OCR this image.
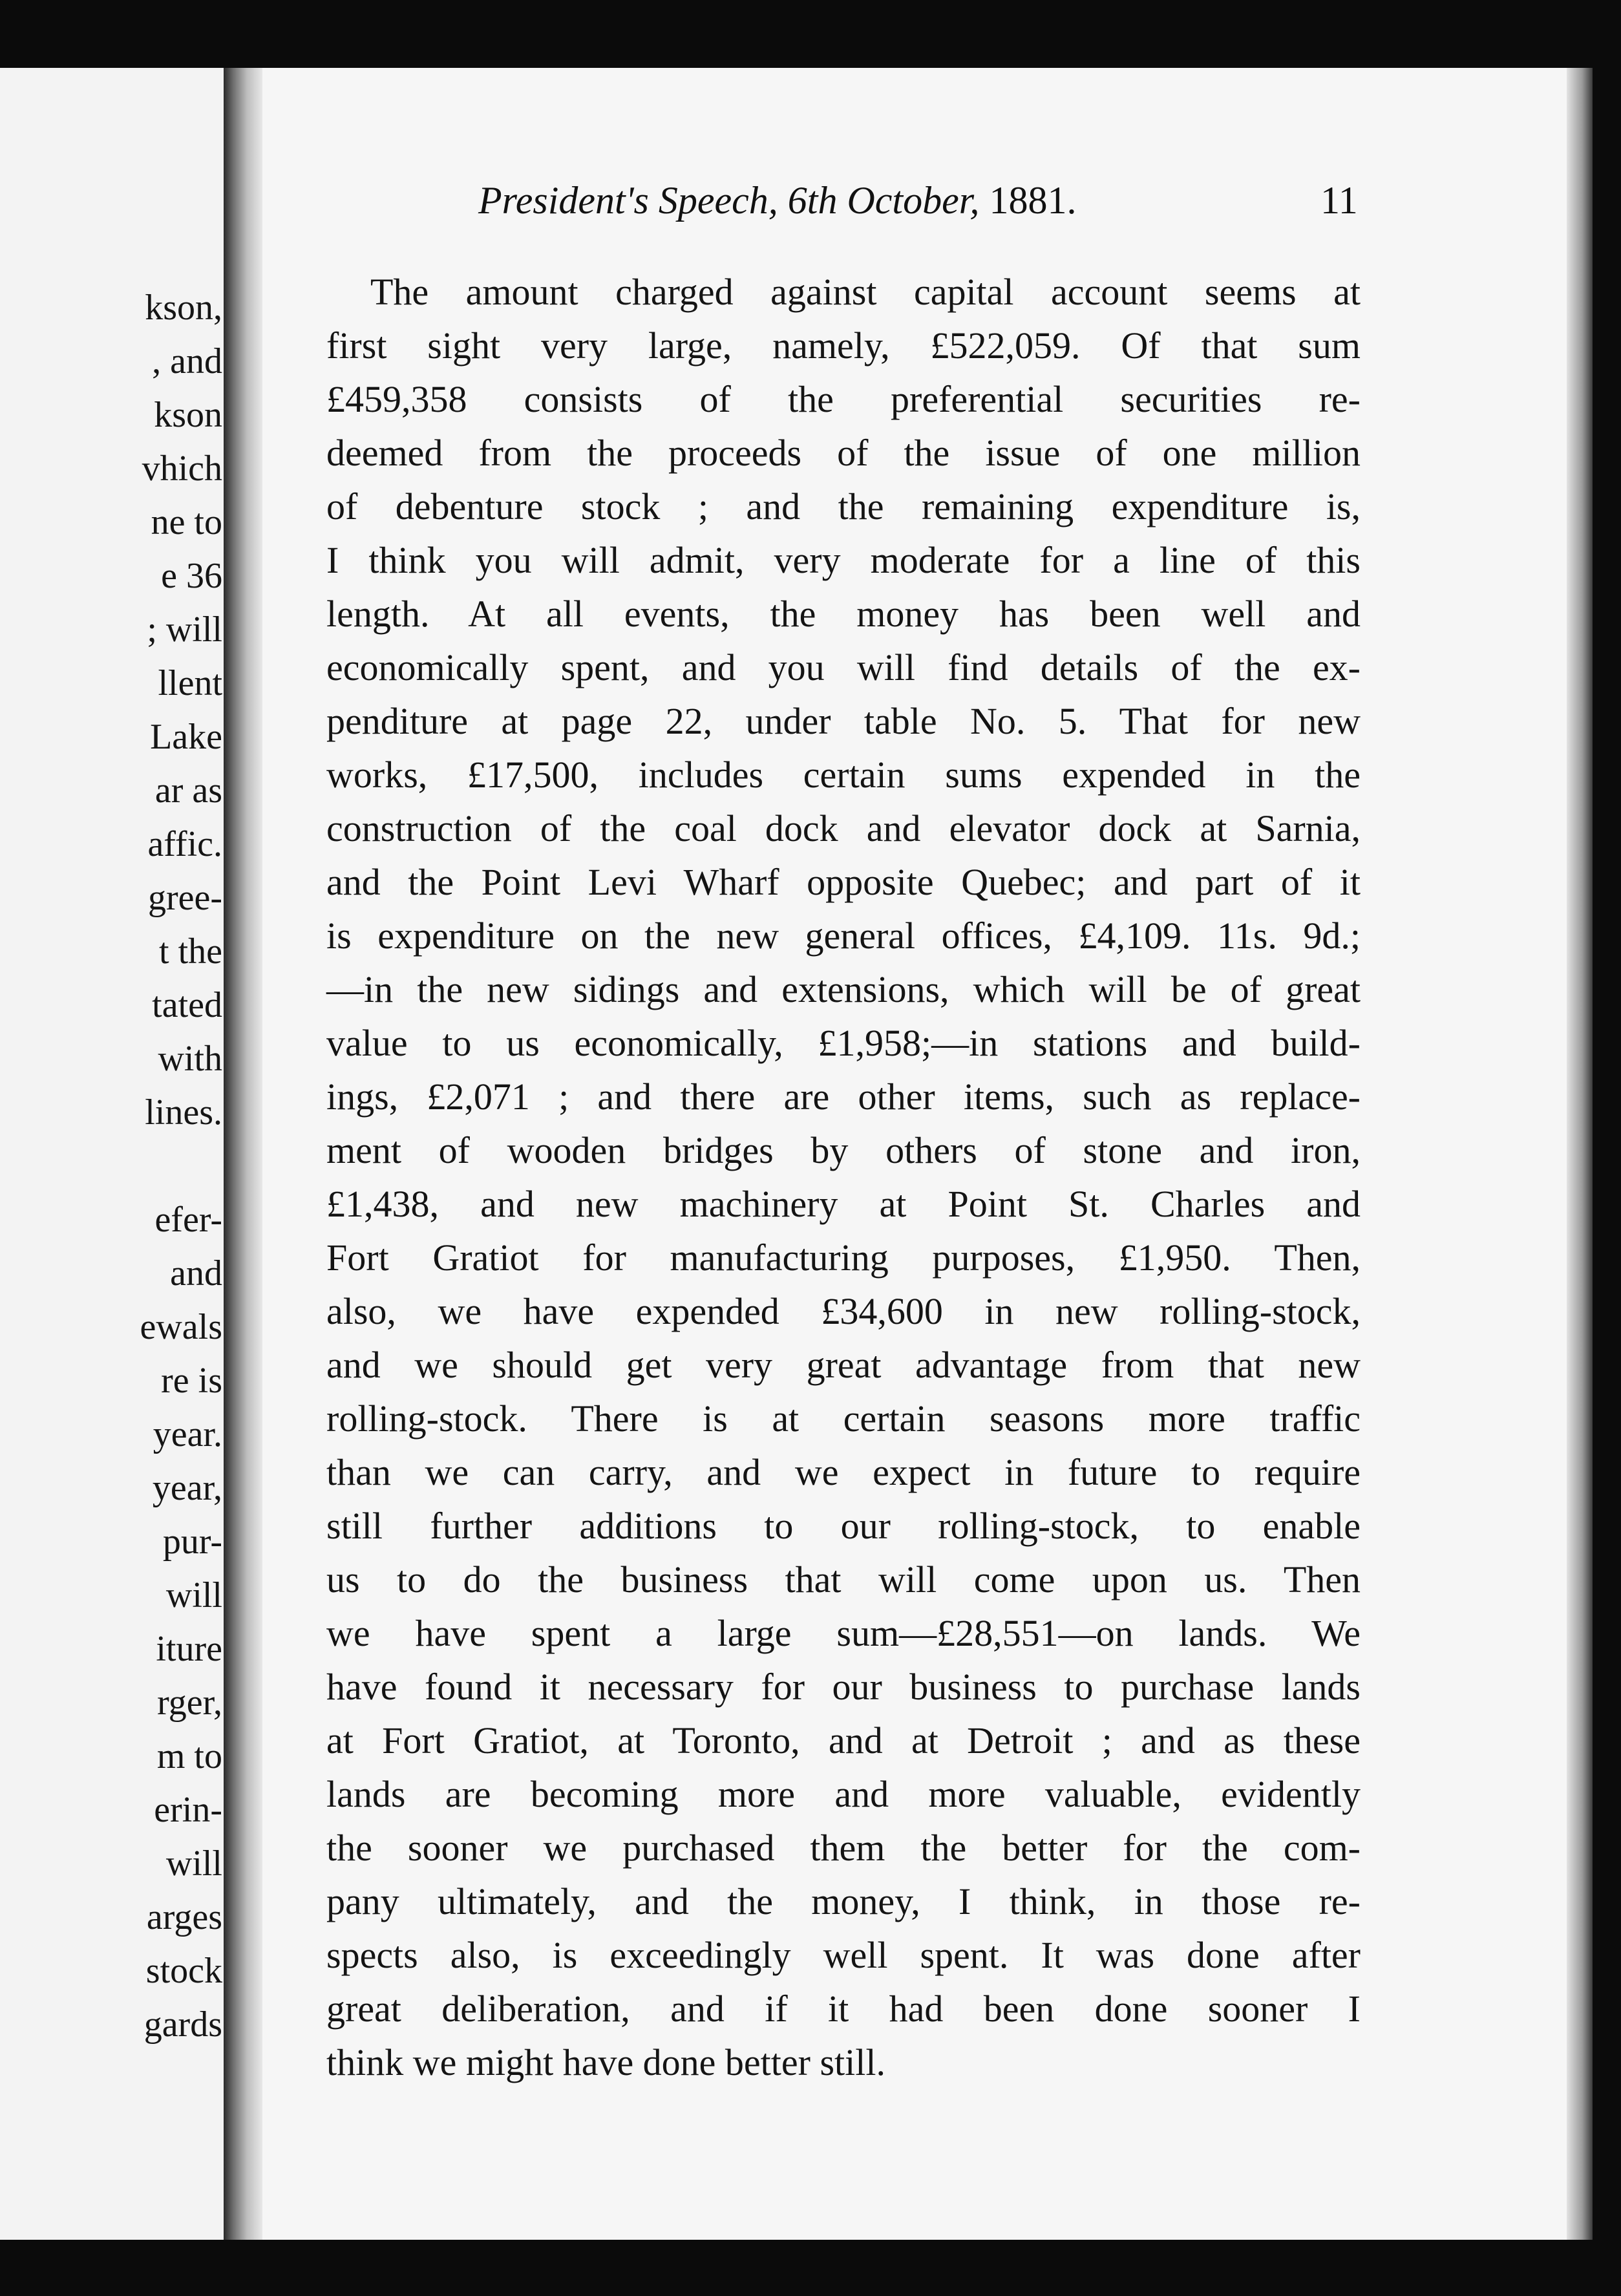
kson,
, and
kson
vhich
ne to
e 36
; will
llent
Lake
ar as
affic.
gree-
t the
tated
with
lines.
efer-
and
ewals
re is
year.
year,
pur-
will
iture
rger,
m to
erin-
will
arges
stock
gards
President's Speech, 6th October, 1881.	11
The amount charged against capital account seems at
first sight very large, namely, £522,059. Of that sum
£459,358 consists of the preferential securities re-
deemed from the proceeds of the issue of one million
of debenture stock ; and the remaining expenditure is,
I think you will admit, very moderate for a line of this
length. At all events, the money has been well and
economically spent, and you will find details of the ex-
penditure at page 22, under table No. 5. That for new
works, £17,500, includes certain sums expended in the
construction of the coal dock and elevator dock at Sarnia,
and the Point Levi Wharf opposite Quebec; and part of it
is expenditure on the new general offices, £4,109. 11s. 9d.;
—in the new sidings and extensions, which will be of great
value to us economically, £1,958;—in stations and build-
ings, £2,071 ; and there are other items, such as replace-
ment of wooden bridges by others of stone and iron,
£1,438, and new machinery at Point St. Charles and
Fort Gratiot for manufacturing purposes, £1,950. Then,
also, we have expended £34,600 in new rolling-stock,
and we should get very great advantage from that new
rolling-stock. There is at certain seasons more traffic
than we can carry, and we expect in future to require
still further additions to our rolling-stock, to enable
us to do the business that will come upon us. Then
we have spent a large sum—£28,551—on lands. We
have found it necessary for our business to purchase lands
at Fort Gratiot, at Toronto, and at Detroit ; and as these
lands are becoming more and more valuable, evidently
the sooner we purchased them the better for the com-
pany ultimately, and the money, I think, in those re-
spects also, is exceedingly well spent. It was done after
great deliberation, and if it had been done sooner I
think we might have done better still.
